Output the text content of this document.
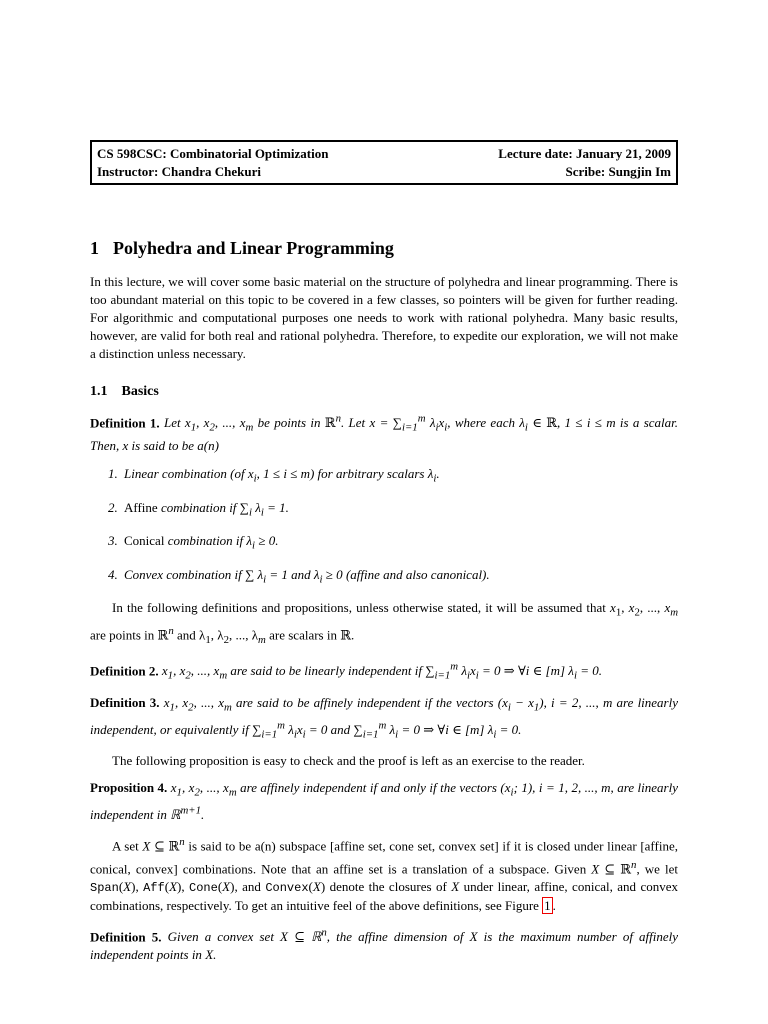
CS 598CSC: Combinatorial Optimization	Lecture date: January 21, 2009
Instructor: Chandra Chekuri	Scribe: Sungjin Im
1 Polyhedra and Linear Programming

In this lecture, we will cover some basic material on the structure of polyhedra and linear programming. There is too abundant material on this topic to be covered in a few classes, so pointers will be given for further reading. For algorithmic and computational purposes one needs to work with rational polyhedra. Many basic results, however, are valid for both real and rational polyhedra. Therefore, to expedite our exploration, we will not make a distinction unless necessary.

1.1 Basics

Definition 1. Let $x_1$, $x_2$, ..., $x_m$ be points in ℝ$^n$. Let $x = \sum_{i=1}^m$ $\lambda_ix_i$, where each $\lambda_i$ ∈ ℝ, 1 ≤ i ≤ m is a scalar. Then, x is said to be a(n)

1. Linear combination (of $x_i$, 1 ≤ i ≤ m) for arbitrary scalars $\lambda_i$.
2. Affine combination if $\sum_i$ $\lambda_i = 1$.
3. Conical combination if $\lambda_i \ge 0$.
4. Convex combination if ∑ $\lambda_i = 1$ and $\lambda_i \ge 0$ (affine and also canonical).

In the following definitions and propositions, unless otherwise stated, it will be assumed that $x_1$, $x_2$, ..., $x_m$ are points in ℝ$^n$ and $\lambda_1$, $\lambda_2$, ..., $\lambda_m$ are scalars in ℝ.

Definition 2. $x_1$, $x_2$, ..., $x_m$ are said to be linearly independent if $\sum_{i=1}^m$ $\lambda_ix_i = 0$ ⇒ ∀i ∈ [m] $\lambda_i = 0$.

Definition 3. $x_1$, $x_2$, ..., $x_m$ are said to be affinely independent if the vectors $(x_i - x_1)$, i = 2, ..., m are linearly independent, or equivalently if $\sum_{i=1}^m$ $\lambda_ix_i = 0$ and $\sum_{i=1}^m$ $\lambda_i = 0$ ⇒ ∀i ∈ [m] $\lambda_i = 0$.

The following proposition is easy to check and the proof is left as an exercise to the reader.

Proposition 4. $x_1$, $x_2$, ..., $x_m$ are affinely independent if and only if the vectors ($x_i$; 1), i = 1, 2, ..., m, are linearly independent in ℝ$^{m+1}$.

A set X ⊆ ℝ$^n$ is said to be a(n) subspace [affine set, cone set, convex set] if it is closed under linear [affine, conical, convex] combinations. Note that an affine set is a translation of a subspace. Given X ⊆ ℝ$^n$, we let Span(X), Aff(X), Cone(X), and Convex(X) denote the closures of X under linear, affine, conical, and convex combinations, respectively. To get an intuitive feel of the above definitions, see Figure 1 .

Definition 5. Given a convex set X ⊆ ℝ$^n$, the affine dimension of X is the maximum number of affinely independent points in X.
